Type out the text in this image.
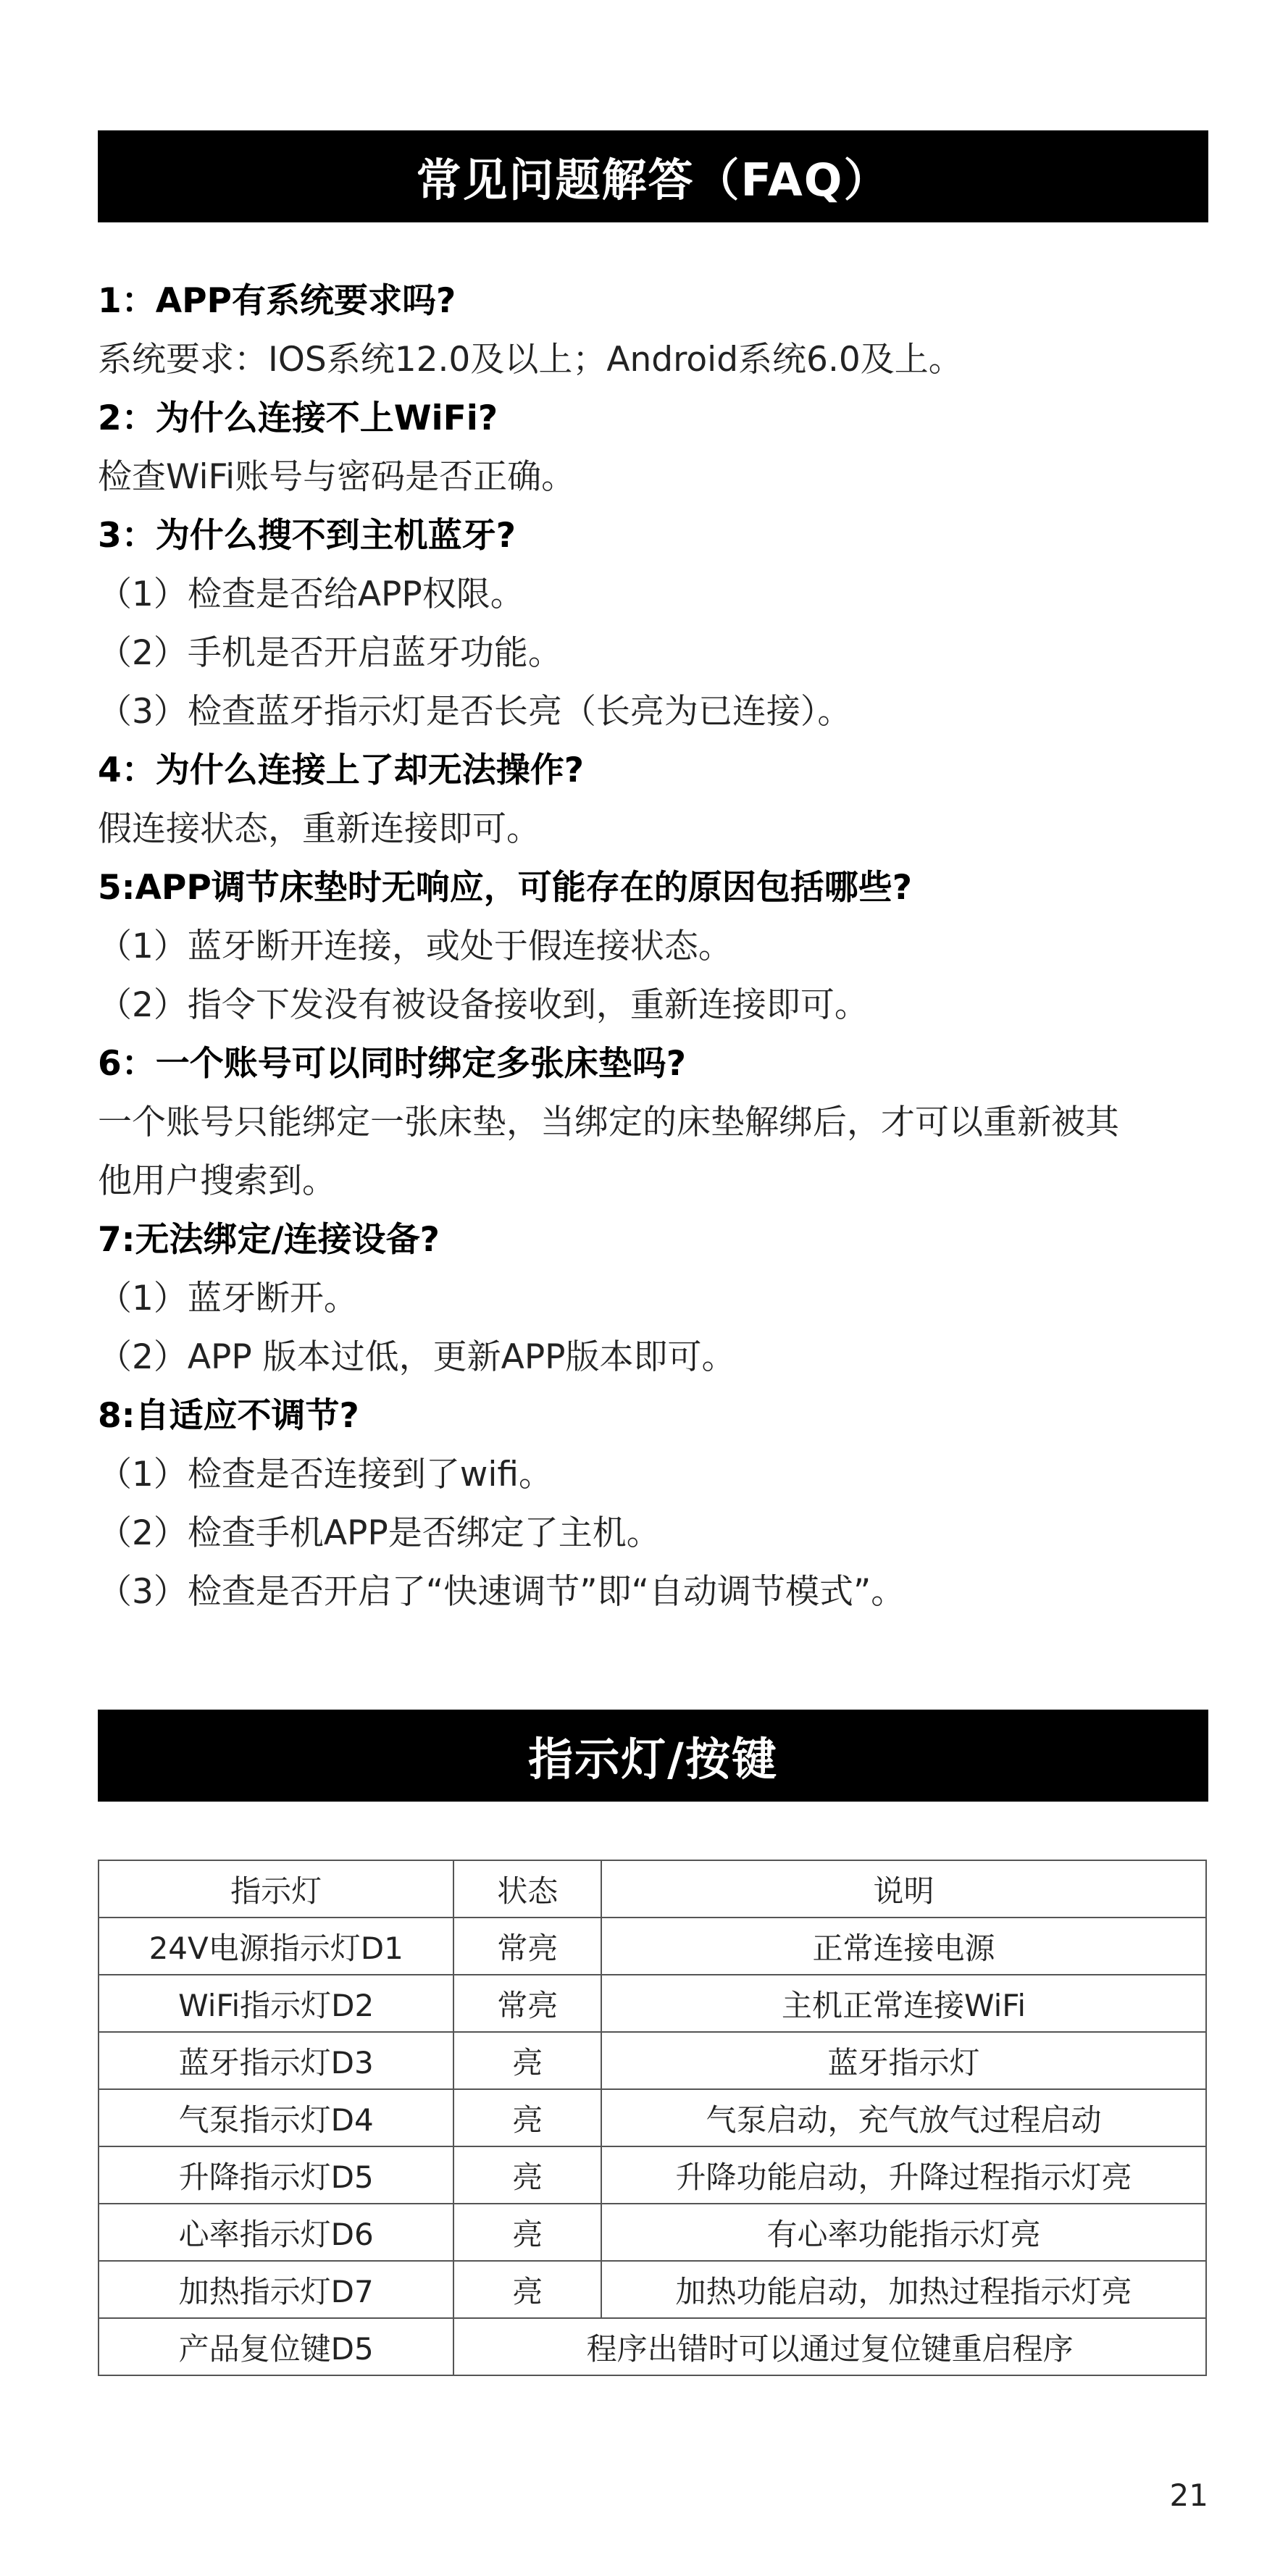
常见问题解答（FAQ）
1：APP有系统要求吗?
系统要求：IOS系统12.0及以上；Android系统6.0及上。
2：为什么连接不上WiFi?
检查WiFi账号与密码是否正确。
3：为什么搜不到主机蓝牙?
（1）检查是否给APP权限。
（2）手机是否开启蓝牙功能。
（3）检查蓝牙指示灯是否长亮（长亮为已连接）。
4：为什么连接上了却无法操作?
假连接状态，重新连接即可。
5:APP调节床垫时无响应，可能存在的原因包括哪些?
（1）蓝牙断开连接，或处于假连接状态。
（2）指令下发没有被设备接收到，重新连接即可。
6：一个账号可以同时绑定多张床垫吗?
一个账号只能绑定一张床垫，当绑定的床垫解绑后，才可以重新被其
他用户搜索到。
7:无法绑定/连接设备?
（1）蓝牙断开。
（2）APP 版本过低，更新APP版本即可。
8:自适应不调节?
（1）检查是否连接到了wifi。
（2）检查手机APP是否绑定了主机。
（3）检查是否开启了“快速调节”即“自动调节模式”。
指示灯/按键
指示灯	状态	说明
24V电源指示灯D1	常亮	正常连接电源
WiFi指示灯D2	常亮	主机正常连接WiFi
蓝牙指示灯D3	亮	蓝牙指示灯
气泵指示灯D4	亮	气泵启动，充气放气过程启动
升降指示灯D5	亮	升降功能启动，升降过程指示灯亮
心率指示灯D6	亮	有心率功能指示灯亮
加热指示灯D7	亮	加热功能启动，加热过程指示灯亮
产品复位键D5	程序出错时可以通过复位键重启程序	
21
